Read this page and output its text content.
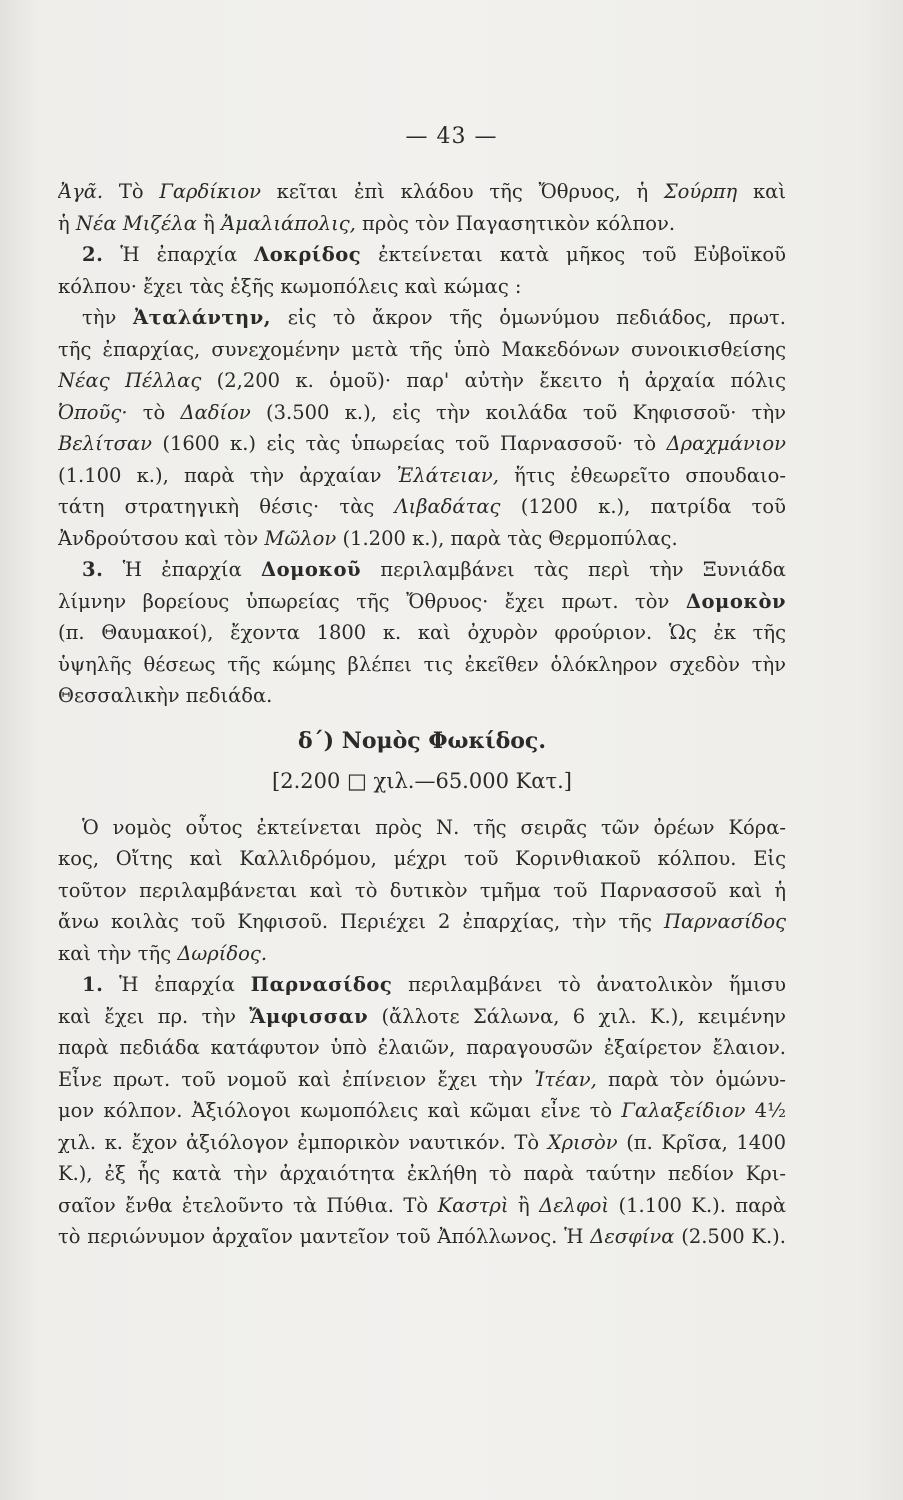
— 43 —
Ἀγᾶ. Τὸ Γαρδίκιον κεῖται ἐπὶ κλάδου τῆς Ὄθρυος, ἡ Σούρπη καὶ
ἡ Νέα Μιζέλα ἢ Ἀμαλιάπολις, πρὸς τὸν Παγασητικὸν κόλπον.
2. Ἡ ἐπαρχία Λοκρίδος ἐκτείνεται κατὰ μῆκος τοῦ Εὐβοϊκοῦ
κόλπου· ἔχει τὰς ἑξῆς κωμοπόλεις καὶ κώμας :
τὴν Ἀταλάντην, εἰς τὸ ἄκρον τῆς ὁμωνύμου πεδιάδος, πρωτ.
τῆς ἐπαρχίας, συνεχομένην μετὰ τῆς ὑπὸ Μακεδόνων συνοικισθείσης
Νέας Πέλλας (2,200 κ. ὁμοῦ)· παρ' αὐτὴν ἔκειτο ἡ ἀρχαία πόλις
Ὀποῦς· τὸ Δαδίον (3.500 κ.), εἰς τὴν κοιλάδα τοῦ Κηφισσοῦ· τὴν
Βελίτσαν (1600 κ.) εἰς τὰς ὑπωρείας τοῦ Παρνασσοῦ· τὸ Δραχμάνιον
(1.100 κ.), παρὰ τὴν ἀρχαίαν Ἐλάτειαν, ἥτις ἐθεωρεῖτο σπουδαιο-
τάτη στρατηγικὴ θέσις· τὰς Λιβαδάτας (1200 κ.), πατρίδα τοῦ
Ἀνδρούτσου καὶ τὸν Μῶλον (1.200 κ.), παρὰ τὰς Θερμοπύλας.
3. Ἡ ἐπαρχία Δομοκοῦ περιλαμβάνει τὰς περὶ τὴν Ξυνιάδα
λίμνην βορείους ὑπωρείας τῆς Ὄθρυος· ἔχει πρωτ. τὸν Δομοκὸν
(π. Θαυμακοί), ἔχοντα 1800 κ. καὶ ὀχυρὸν φρούριον. Ὡς ἐκ τῆς
ὑψηλῆς θέσεως τῆς κώμης βλέπει τις ἐκεῖθεν ὁλόκληρον σχεδὸν τὴν
Θεσσαλικὴν πεδιάδα.
δ΄) Νομὸς Φωκίδος.
[2.200 □ χιλ.—65.000 Κατ.]
Ὁ νομὸς οὗτος ἐκτείνεται πρὸς Ν. τῆς σειρᾶς τῶν ὀρέων Κόρα-
κος, Οἴτης καὶ Καλλιδρόμου, μέχρι τοῦ Κορινθιακοῦ κόλπου. Εἰς
τοῦτον περιλαμβάνεται καὶ τὸ δυτικὸν τμῆμα τοῦ Παρνασσοῦ καὶ ἡ
ἄνω κοιλὰς τοῦ Κηφισοῦ. Περιέχει 2 ἐπαρχίας, τὴν τῆς Παρνασίδος
καὶ τὴν τῆς Δωρίδος.
1. Ἡ ἐπαρχία Παρνασίδος περιλαμβάνει τὸ ἀνατολικὸν ἥμισυ
καὶ ἔχει πρ. τὴν Ἄμφισσαν (ἄλλοτε Σάλωνα, 6 χιλ. Κ.), κειμένην
παρὰ πεδιάδα κατάφυτον ὑπὸ ἐλαιῶν, παραγουσῶν ἐξαίρετον ἔλαιον.
Εἶνε πρωτ. τοῦ νομοῦ καὶ ἐπίνειον ἔχει τὴν Ἰτέαν, παρὰ τὸν ὁμώνυ-
μον κόλπον. Ἀξιόλογοι κωμοπόλεις καὶ κῶμαι εἶνε τὸ Γαλαξείδιον 4½
χιλ. κ. ἔχον ἀξιόλογον ἐμπορικὸν ναυτικόν. Τὸ Χρισὸν (π. Κρῖσα, 1400
Κ.), ἐξ ἧς κατὰ τὴν ἀρχαιότητα ἐκλήθη τὸ παρὰ ταύτην πεδίον Κρι-
σαῖον ἔνθα ἐτελοῦντο τὰ Πύθια. Τὸ Καστρὶ ἢ Δελφοὶ (1.100 Κ.). παρὰ
τὸ περιώνυμον ἀρχαῖον μαντεῖον τοῦ Ἀπόλλωνος. Ἡ Δεσφίνα (2.500 Κ.).
